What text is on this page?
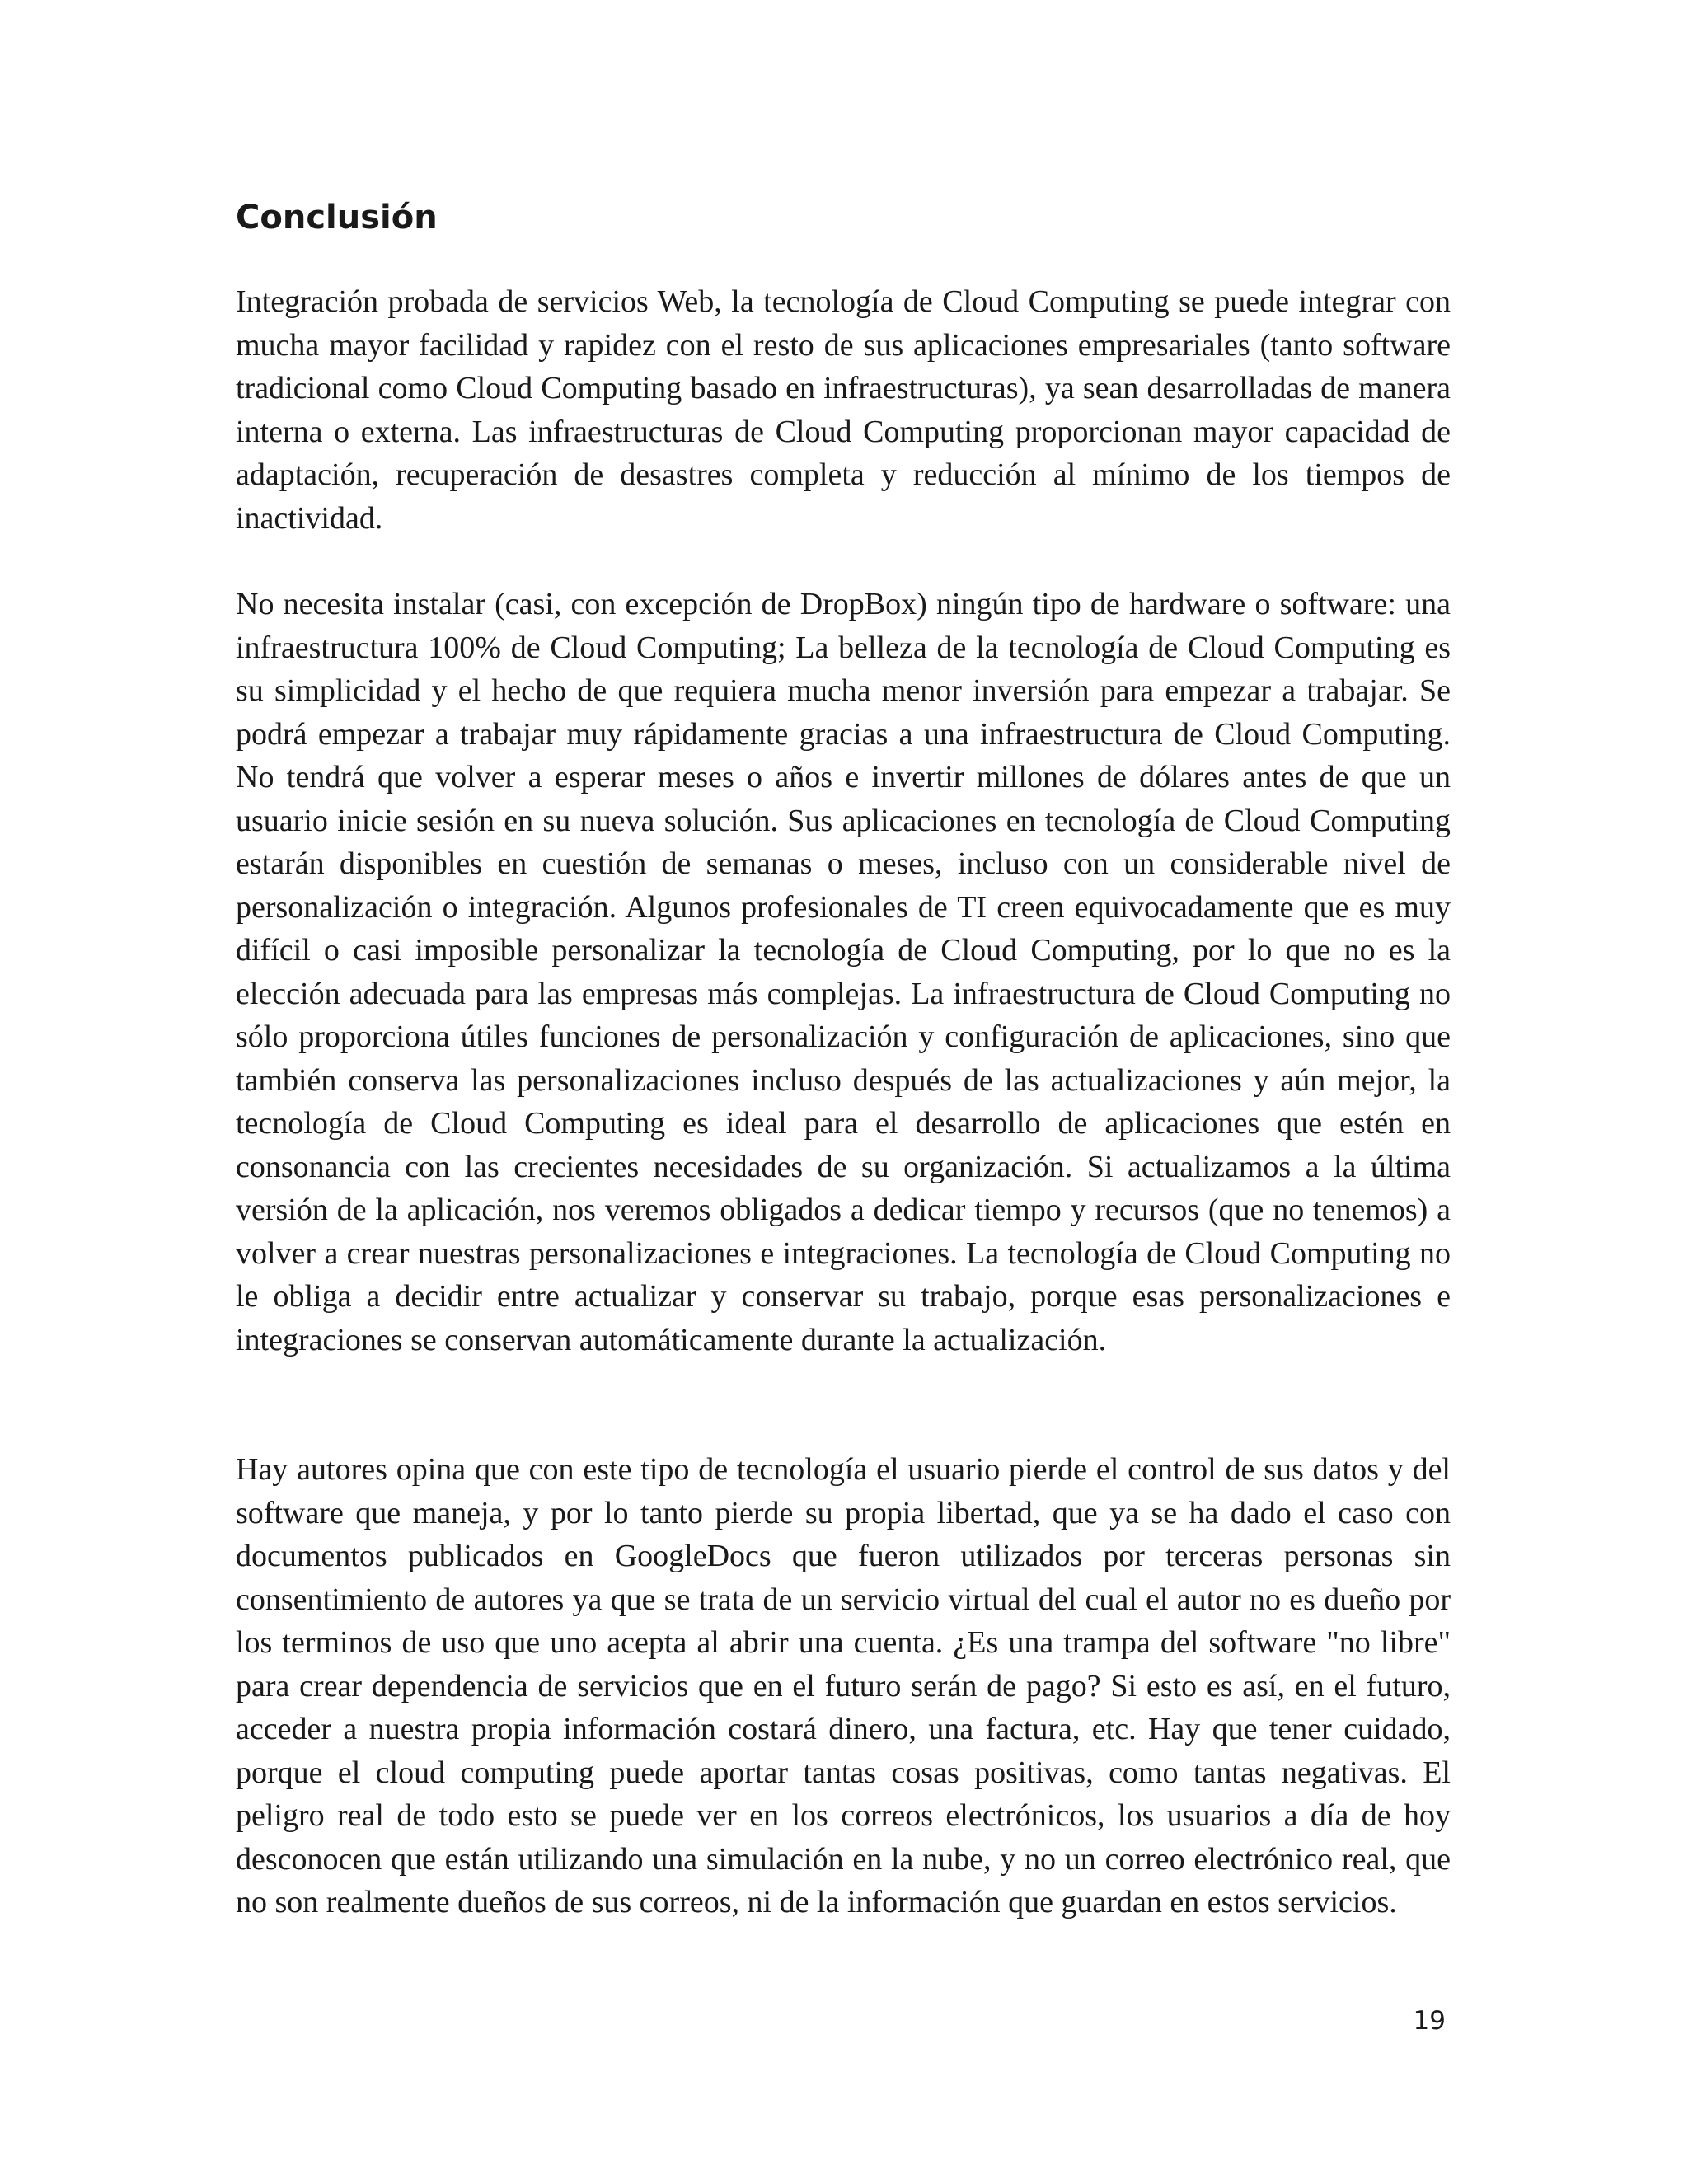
Conclusión

Integración probada de servicios Web, la tecnología de Cloud Computing se puede integrar con mucha mayor facilidad y rapidez con el resto de sus aplicaciones empresariales (tanto software tradicional como Cloud Computing basado en infraestructuras), ya sean desarrolladas de manera interna o externa. Las infraestructuras de Cloud Computing proporcionan mayor capacidad de adaptación, recuperación de desastres completa y reducción al mínimo de los tiempos de inactividad.

No necesita instalar (casi, con excepción de DropBox) ningún tipo de hardware o software: una infraestructura 100% de Cloud Computing; La belleza de la tecnología de Cloud Computing es su simplicidad y el hecho de que requiera mucha menor inversión para empezar a trabajar. Se podrá empezar a trabajar muy rápidamente gracias a una infraestructura de Cloud Computing. No tendrá que volver a esperar meses o años e invertir millones de dólares antes de que un usuario inicie sesión en su nueva solución. Sus aplicaciones en tecnología de Cloud Computing estarán disponibles en cuestión de semanas o meses, incluso con un considerable nivel de personalización o integración. Algunos profesionales de TI creen equivocadamente que es muy difícil o casi imposible personalizar la tecnología de Cloud Computing, por lo que no es la elección adecuada para las empresas más complejas. La infraestructura de Cloud Computing no sólo proporciona útiles funciones de personalización y configuración de aplicaciones, sino que también conserva las personalizaciones incluso después de las actualizaciones y aún mejor, la tecnología de Cloud Computing es ideal para el desarrollo de aplicaciones que estén en consonancia con las crecientes necesidades de su organización. Si actualizamos a la última versión de la aplicación, nos veremos obligados a dedicar tiempo y recursos (que no tenemos) a volver a crear nuestras personalizaciones e integraciones. La tecnología de Cloud Computing no le obliga a decidir entre actualizar y conservar su trabajo, porque esas personalizaciones e integraciones se conservan automáticamente durante la actualización.

Hay autores opina que con este tipo de tecnología el usuario pierde el control de sus datos y del software que maneja, y por lo tanto pierde su propia libertad, que ya se ha dado el caso con documentos publicados en GoogleDocs que fueron utilizados por terceras personas sin consentimiento de autores ya que se trata de un servicio virtual del cual el autor no es dueño por los terminos de uso que uno acepta al abrir una cuenta. ¿Es una trampa del software "no libre" para crear dependencia de servicios que en el futuro serán de pago? Si esto es así, en el futuro, acceder a nuestra propia información costará dinero, una factura, etc. Hay que tener cuidado, porque el cloud computing puede aportar tantas cosas positivas, como tantas negativas. El peligro real de todo esto se puede ver en los correos electrónicos, los usuarios a día de hoy desconocen que están utilizando una simulación en la nube, y no un correo electrónico real, que no son realmente dueños de sus correos, ni de la información que guardan en estos servicios.

19
